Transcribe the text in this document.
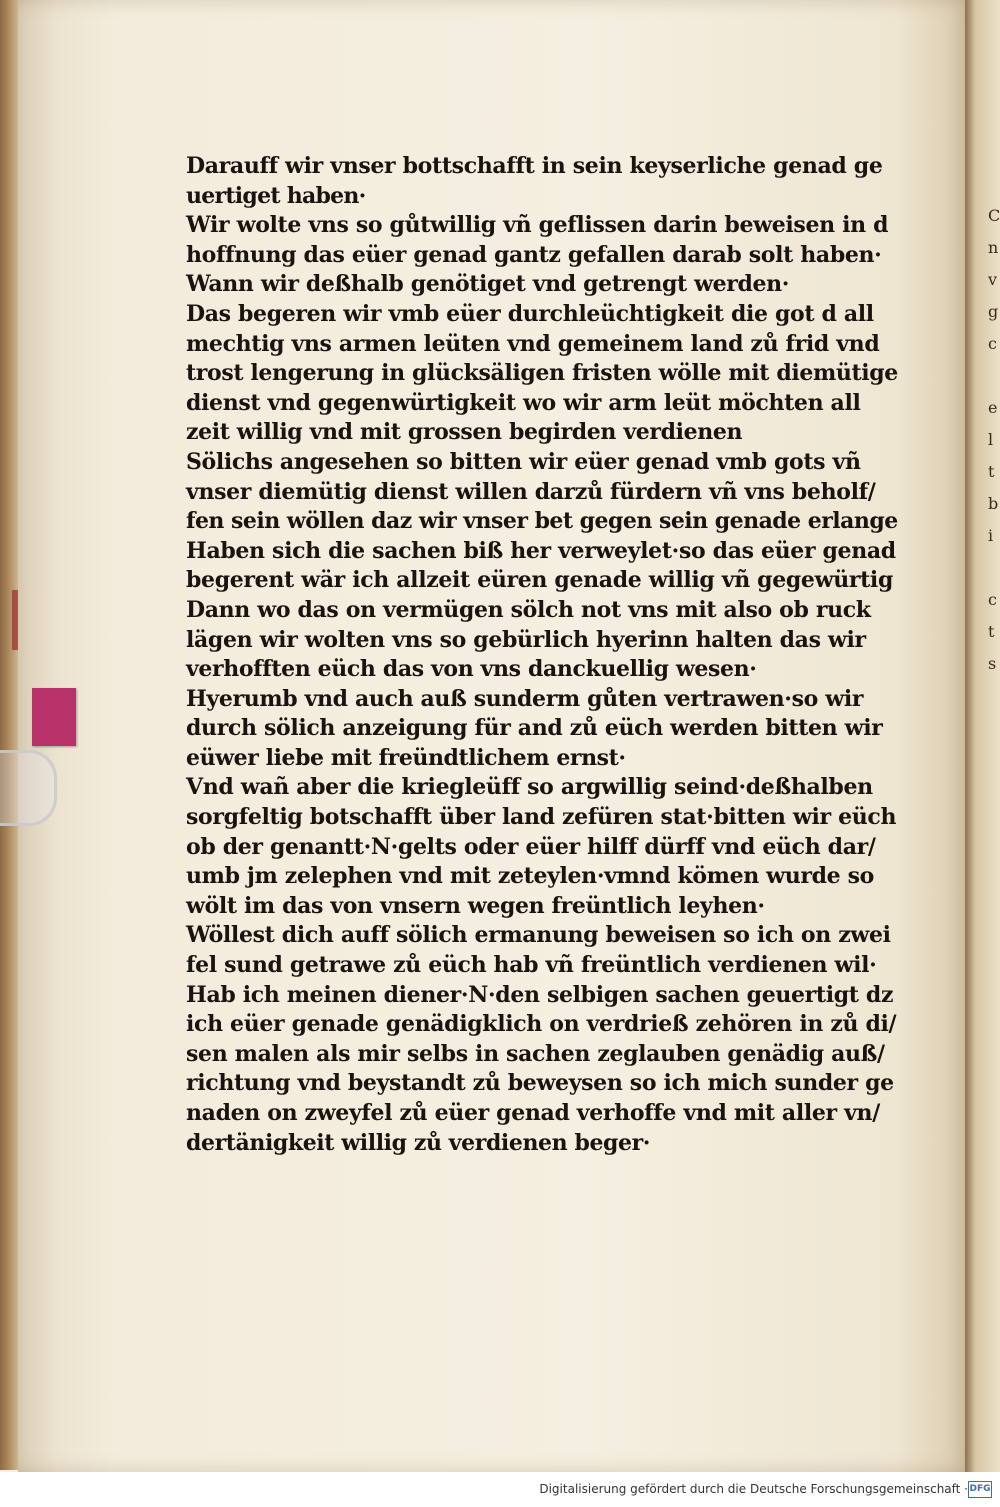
C
n
v
g
c

e
l
t
b
i

c
t
s
Darauff wir vnser bottschafft in sein keyserliche genad ge
uertiget haben·
Wir wolte vns so gůtwillig vñ geflissen darin beweisen in d
hoffnung das eüer genad gantz gefallen darab solt haben·
Wann wir deßhalb genötiget vnd getrengt werden·
Das begeren wir vmb eüer durchleüchtigkeit die got d all
mechtig vns armen leüten vnd gemeinem land zů frid vnd
trost lengerung in glücksäligen fristen wölle mit diemütige
dienst vnd gegenwürtigkeit wo wir arm leüt möchten all
zeit willig vnd mit grossen begirden verdienen
Sölichs angesehen so bitten wir eüer genad vmb gots vñ
vnser diemütig dienst willen darzů fürdern vñ vns beholf/
fen sein wöllen daz wir vnser bet gegen sein genade erlange
Haben sich die sachen biß her verweylet·so das eüer genad
begerent wär ich allzeit eüren genade willig vñ gegewürtig
Dann wo das on vermügen sölch not vns mit also ob ruck
lägen wir wolten vns so gebürlich hyerinn halten das wir
verhofften eüch das von vns danckuellig wesen·
Hyerumb vnd auch auß sunderm gůten vertrawen·so wir
durch sölich anzeigung für and zů eüch werden bitten wir
eüwer liebe mit freündtlichem ernst·
Vnd wañ aber die kriegleüff so argwillig seind·deßhalben
sorgfeltig botschafft über land zefüren stat·bitten wir eüch
ob der genantt·N·gelts oder eüer hilff dürff vnd eüch dar/
umb jm zelephen vnd mit zeteylen·vmnd kömen wurde so
wölt im das von vnsern wegen freüntlich leyhen·
Wöllest dich auff sölich ermanung beweisen so ich on zwei
fel sund getrawe zů eüch hab vñ freüntlich verdienen wil·
Hab ich meinen diener·N·den selbigen sachen geuertigt dz
ich eüer genade genädigklich on verdrieß zehören in zů di/
sen malen als mir selbs in sachen zeglauben genädig auß/
richtung vnd beystandt zů beweysen so ich mich sunder ge
naden on zweyfel zů eüer genad verhoffe vnd mit aller vn/
dertänigkeit willig zů verdienen beger·
Digitalisierung gefördert durch die Deutsche Forschungsgemeinschaft · DFG
